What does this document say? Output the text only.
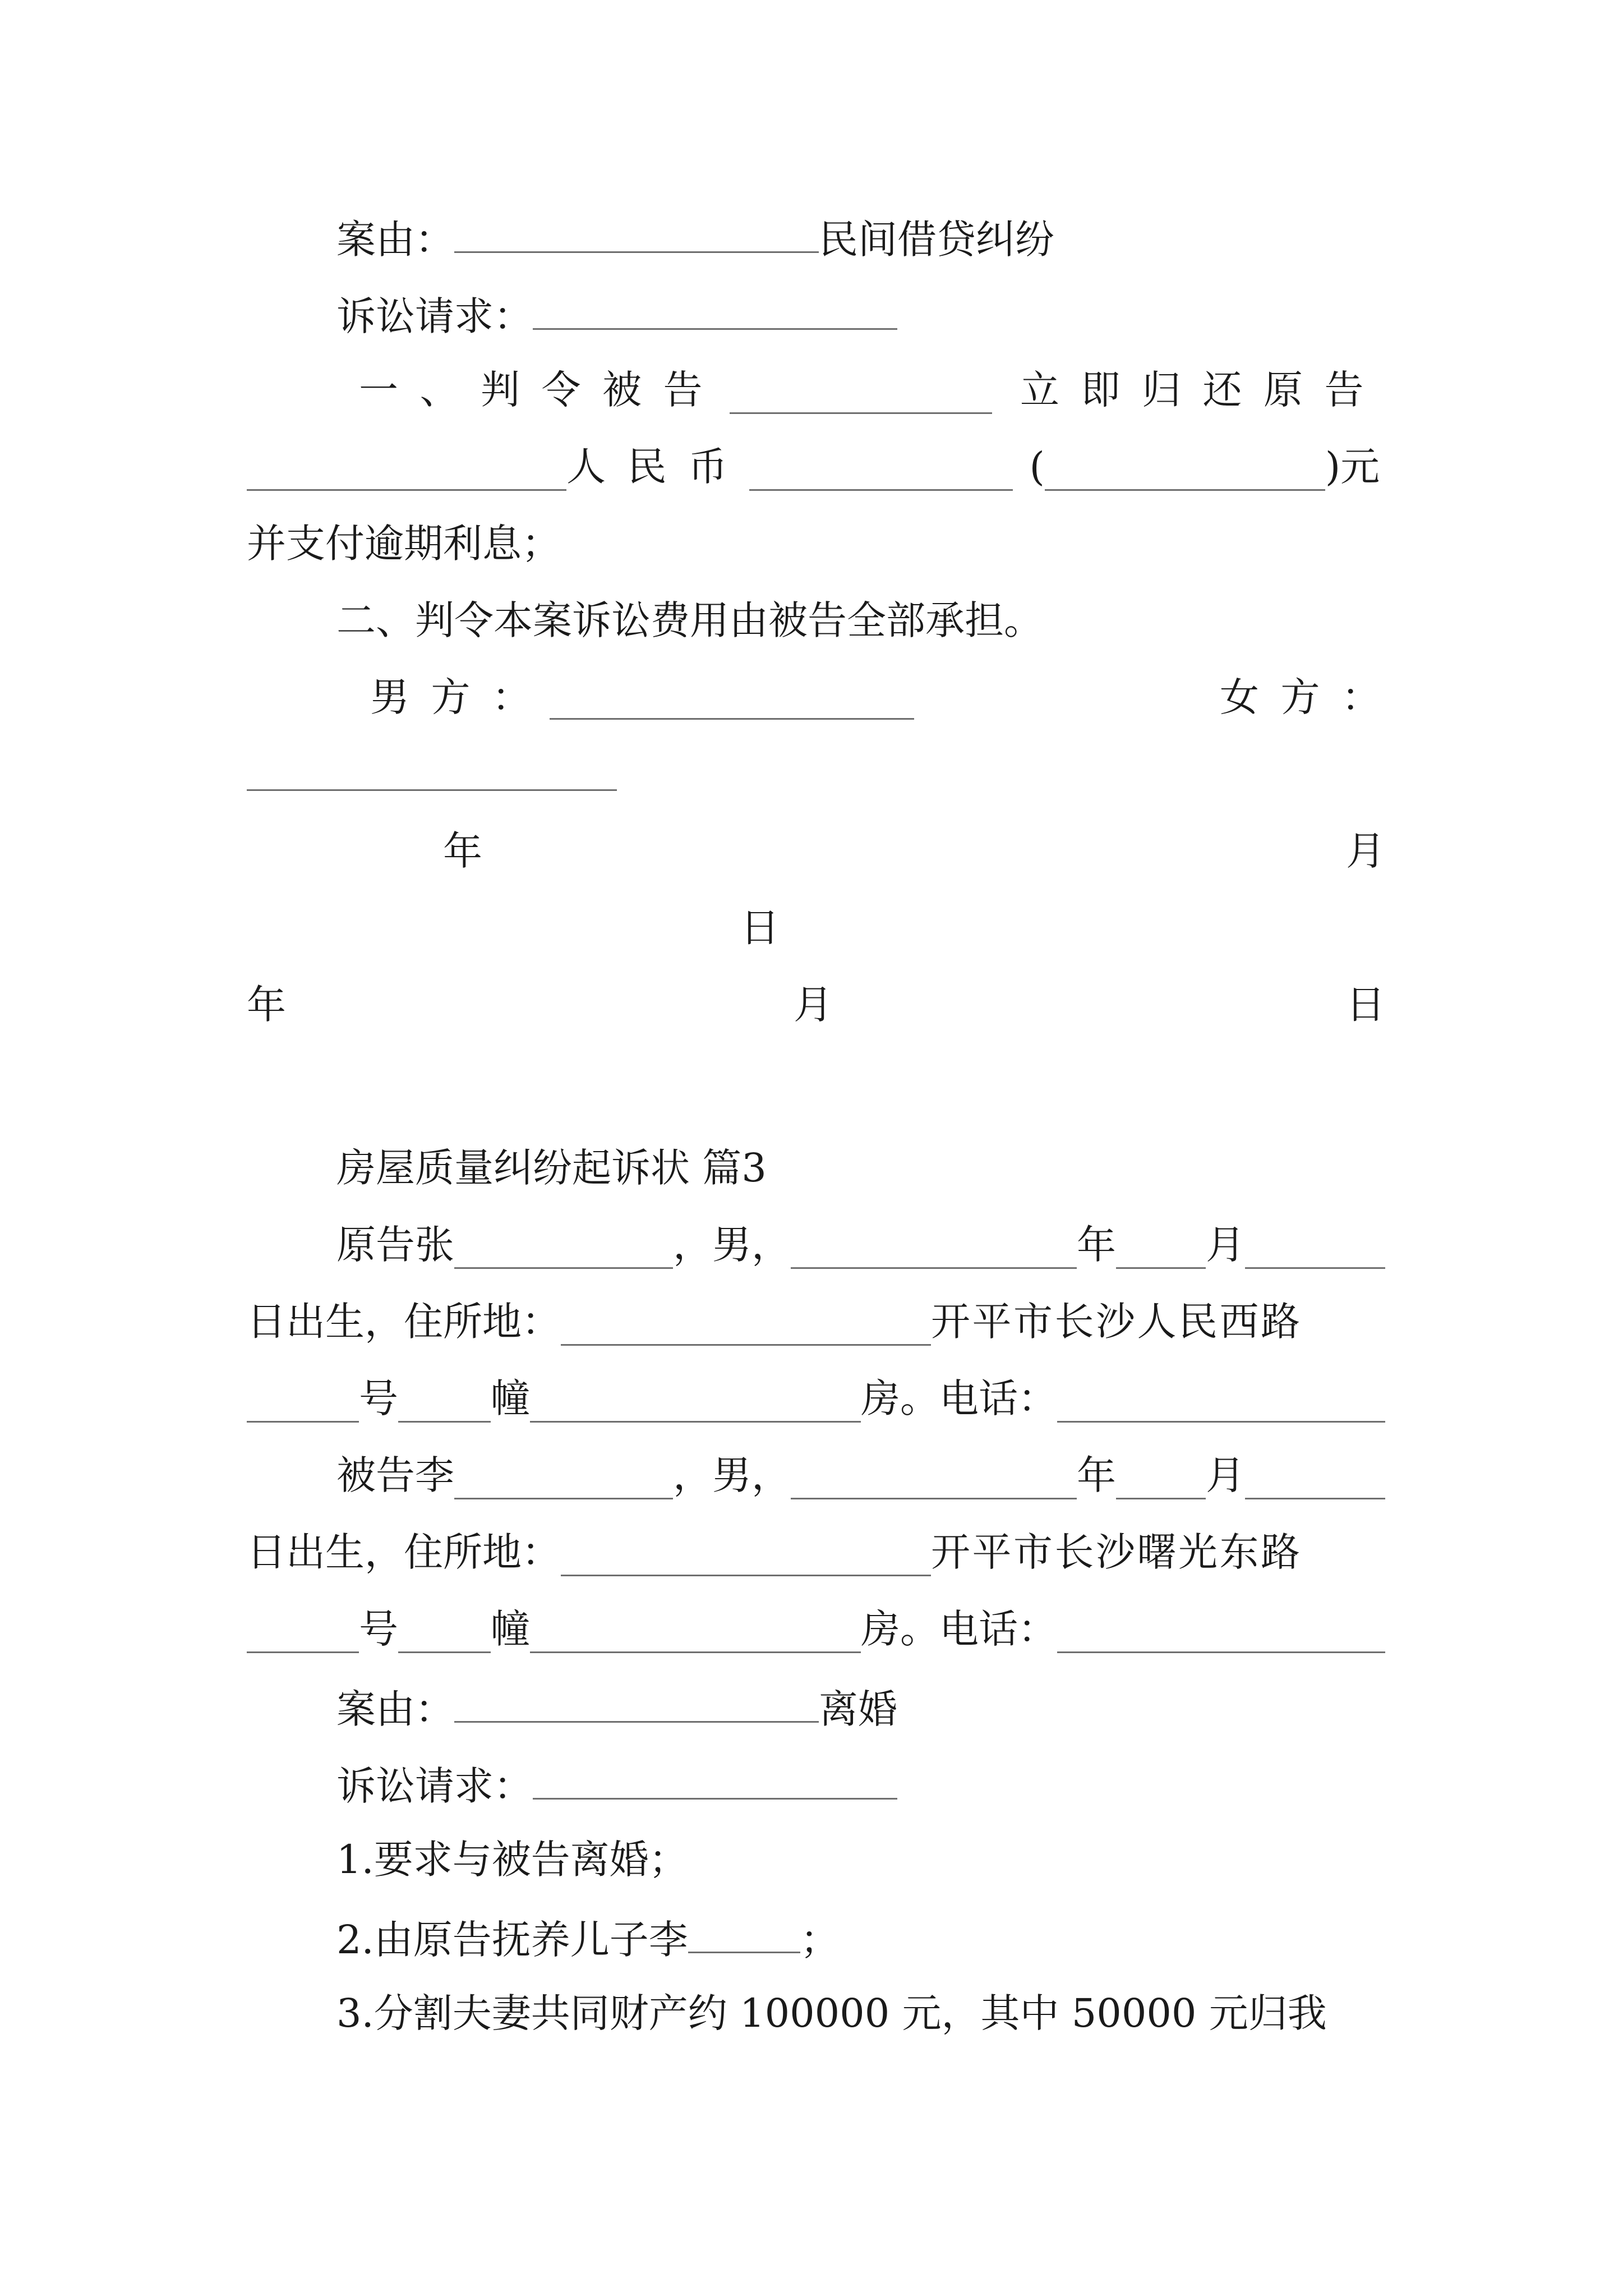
案由：	民间借贷纠纷
诉讼请求：
一、判令被告	立即归还原告
人民币	(	) 元
并支付逾期利息；
二、判令本案诉讼费用由被告全部承担。
男方：	女方：
年	月
日
年	月	日
房屋质量纠纷起诉状 篇3
原告张	，男，	年 月
日出生，住所地：	开平市长沙人民西路
号 幢	房。电话：
被告李	，男，	年 月
日出生，住所地：	开平市长沙曙光东路
号 幢	房。电话：
案由：	离婚
诉讼请求：
1.要求与被告离婚；
2.由原告抚养儿子李	；
3.分割夫妻共同财产约 100000 元，其中 50000 元归我
